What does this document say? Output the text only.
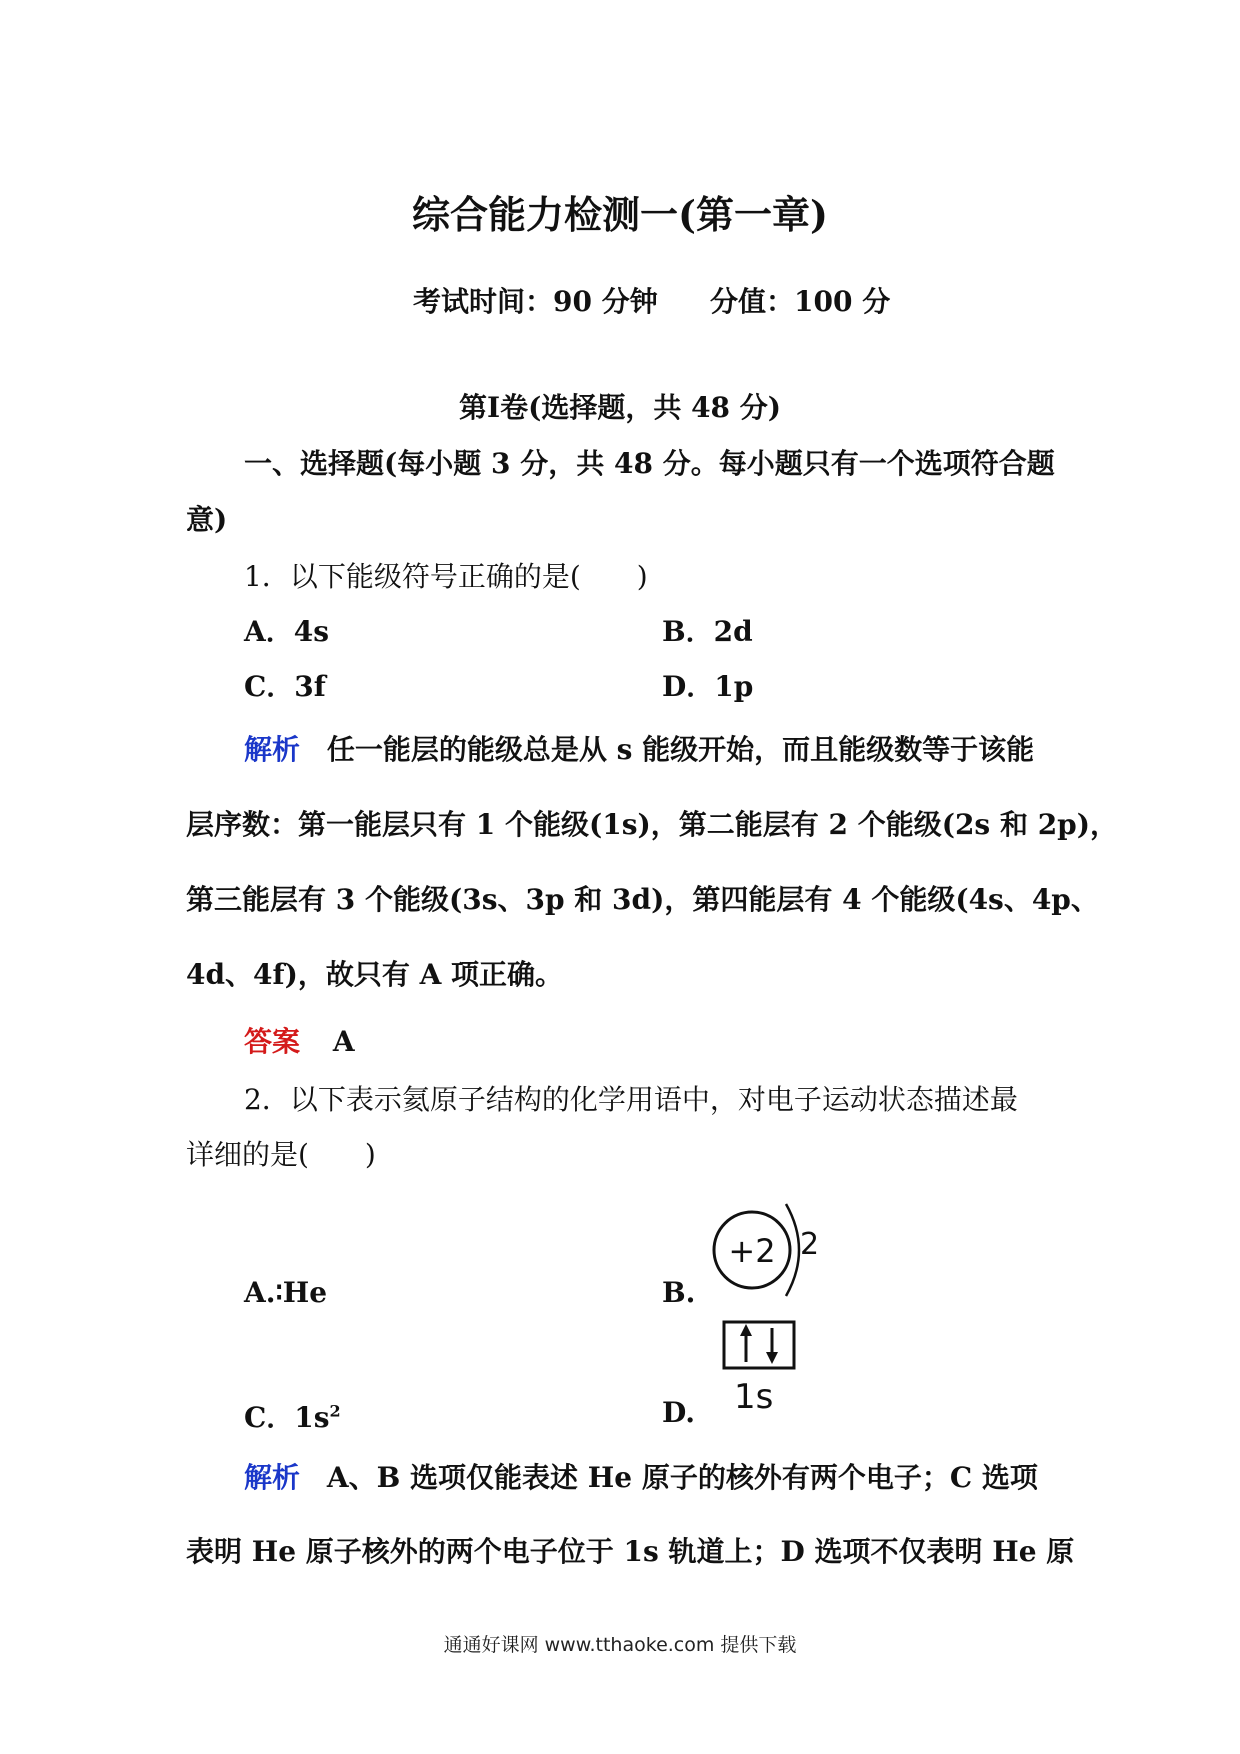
综合能力检测一(第一章)
考试时间：90 分钟 分值：100 分
第Ⅰ卷(选择题，共 48 分)
一、选择题(每小题 3 分，共 48 分。每小题只有一个选项符合题
意)
1．以下能级符号正确的是(　　)
A．4s	B．2d
C．3f	D．1p
解析 任一能层的能级总是从 s 能级开始，而且能级数等于该能
层序数：第一能层只有 1 个能级(1s)，第二能层有 2 个能级(2s 和 2p)，
第三能层有 3 个能级(3s、3p 和 3d)，第四能层有 4 个能级(4s、4p、
4d、4f)，故只有 A 项正确。
答案 A
2．以下表示氦原子结构的化学用语中，对电子运动状态描述最
详细的是(　　)
A.∶He	B.
+2 2
C．$1s^2$	D. 1s
解析 A、B 选项仅能表述 He 原子的核外有两个电子；C 选项
表明 He 原子核外的两个电子位于 1s 轨道上；D 选项不仅表明 He 原
通通好课网 www.tthaoke.com 提供下载
